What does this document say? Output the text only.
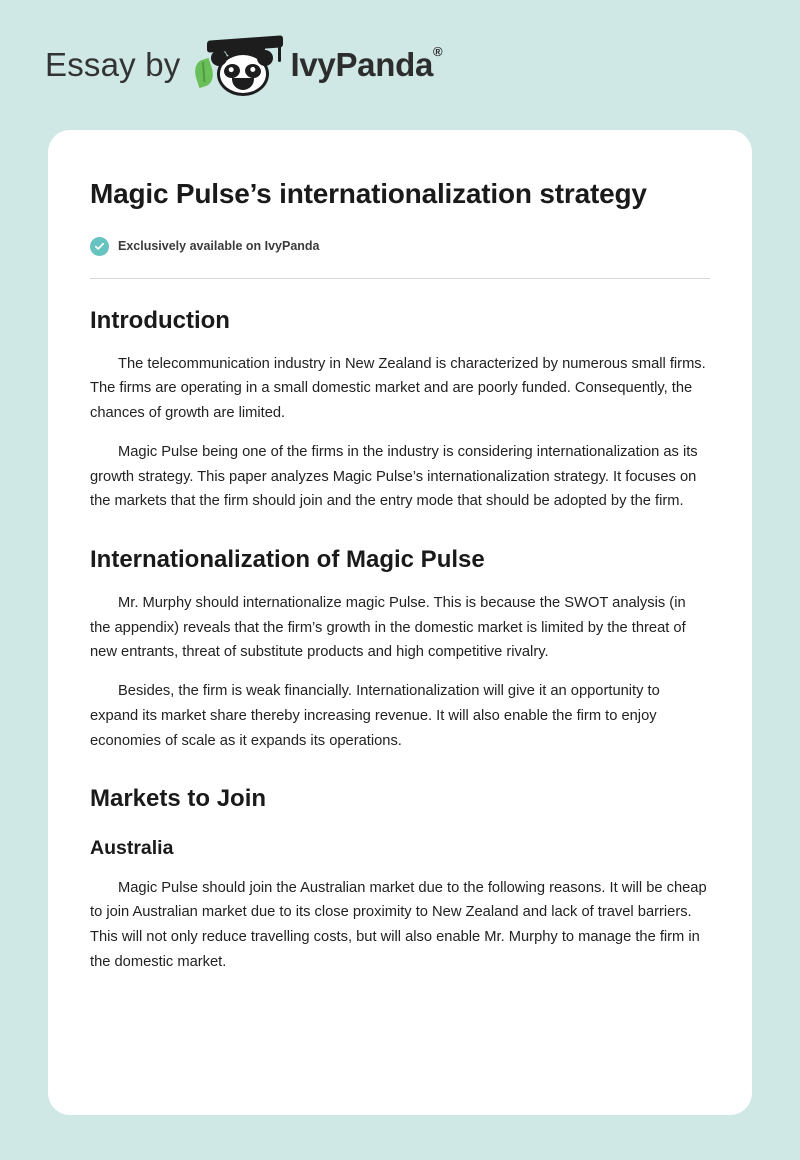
Essay by	IvyPanda®
Magic Pulse’s internationalization strategy
Exclusively available on IvyPanda
Introduction

The telecommunication industry in New Zealand is characterized by numerous small firms. The firms are operating in a small domestic market and are poorly funded. Consequently, the chances of growth are limited.

Magic Pulse being one of the firms in the industry is considering internationalization as its growth strategy. This paper analyzes Magic Pulse’s internationalization strategy. It focuses on the markets that the firm should join and the entry mode that should be adopted by the firm.

Internationalization of Magic Pulse

Mr. Murphy should internationalize magic Pulse. This is because the SWOT analysis (in the appendix) reveals that the firm’s growth in the domestic market is limited by the threat of new entrants, threat of substitute products and high competitive rivalry.

Besides, the firm is weak financially. Internationalization will give it an opportunity to expand its market share thereby increasing revenue. It will also enable the firm to enjoy economies of scale as it expands its operations.

Markets to Join
Australia

Magic Pulse should join the Australian market due to the following reasons. It will be cheap to join Australian market due to its close proximity to New Zealand and lack of travel barriers. This will not only reduce travelling costs, but will also enable Mr. Murphy to manage the firm in the domestic market.
